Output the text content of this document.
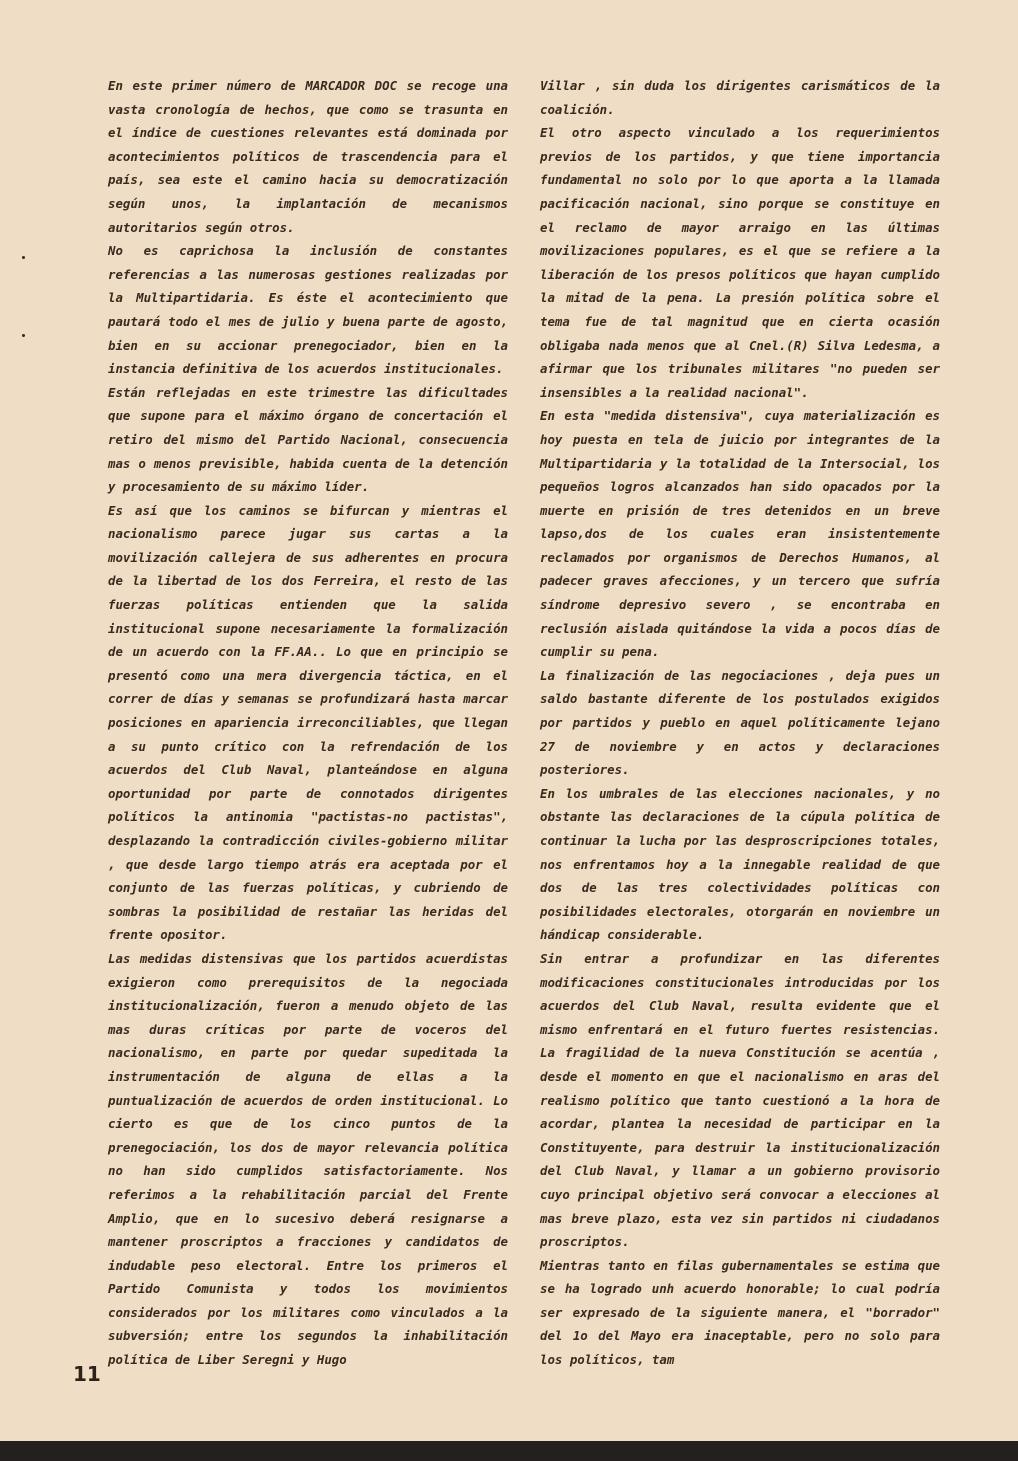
En este primer número de MARCADOR DOC se recoge una vasta cronología de hechos, que como se trasunta en el índice de cuestiones relevantes está dominada por acontecimientos políticos de trascendencia para el país, sea este el camino hacia su democratización según unos, la implantación de mecanismos autoritarios según otros.

No es caprichosa la inclusión de constantes referencias a las numerosas gestiones realizadas por la Multipartidaria. Es éste el acontecimiento que pautará todo el mes de julio y buena parte de agosto, bien en su accionar prenegociador, bien en la instancia definitiva de los acuerdos institucionales.

Están reflejadas en este trimestre las dificultades que supone para el máximo órgano de concertación el retiro del mismo del Partido Nacional, consecuencia mas o menos previsible, habida cuenta de la detención y procesamiento de su máximo líder.

Es así que los caminos se bifurcan y mientras el nacionalismo parece jugar sus cartas a la movilización callejera de sus adherentes en procura de la libertad de los dos Ferreira, el resto de las fuerzas políticas entienden que la salida institucional supone necesariamente la formalización de un acuerdo con la FF.AA.. Lo que en principio se presentó como una mera divergencia táctica, en el correr de días y semanas se profundizará hasta marcar posiciones en apariencia irreconciliables, que llegan a su punto crítico con la refrendación de los acuerdos del Club Naval, planteándose en alguna oportunidad por parte de connotados dirigentes políticos la antinomia "pactistas-no pactistas", desplazando la contradicción civiles-gobierno militar , que desde largo tiempo atrás era aceptada por el conjunto de las fuerzas políticas, y cubriendo de sombras la posibilidad de restañar las heridas del frente opositor.

Las medidas distensivas que los partidos acuerdistas exigieron como prerequisitos de la negociada institucionalización, fueron a menudo objeto de las mas duras críticas por parte de voceros del nacionalismo, en parte por quedar supeditada la instrumentación de alguna de ellas a la puntualización de acuerdos de orden institucional. Lo cierto es que de los cinco puntos de la prenegociación, los dos de mayor relevancia política no han sido cumplidos satisfactoriamente. Nos referimos a la rehabilitación parcial del Frente Amplio, que en lo sucesivo deberá resignarse a mantener proscriptos a fracciones y candidatos de indudable peso electoral. Entre los primeros el Partido Comunista y todos los movimientos considerados por los militares como vinculados a la subversión; entre los segundos la inhabilitación política de Liber Seregni y Hugo

Villar , sin duda los dirigentes carismáticos de la coalición.

El otro aspecto vinculado a los requerimientos previos de los partidos, y que tiene importancia fundamental no solo por lo que aporta a la llamada pacificación nacional, sino porque se constituye en el reclamo de mayor arraigo en las últimas movilizaciones populares, es el que se refiere a la liberación de los presos políticos que hayan cumplido la mitad de la pena. La presión política sobre el tema fue de tal magnitud que en cierta ocasión obligaba nada menos que al Cnel.(R) Silva Ledesma, a afirmar que los tribunales militares "no pueden ser insensibles a la realidad nacional".

En esta "medida distensiva", cuya materialización es hoy puesta en tela de juicio por integrantes de la Multipartidaria y la totalidad de la Intersocial, los pequeños logros alcanzados han sido opacados por la muerte en prisión de tres detenidos en un breve lapso,dos de los cuales eran insistentemente reclamados por organismos de Derechos Humanos, al padecer graves afecciones, y un tercero que sufría síndrome depresivo severo , se encontraba en reclusión aislada quitándose la vida a pocos días de cumplir su pena.

La finalización de las negociaciones , deja pues un saldo bastante diferente de los postulados exigidos por partidos y pueblo en aquel políticamente lejano 27 de noviembre y en actos y declaraciones posteriores.

En los umbrales de las elecciones nacionales, y no obstante las declaraciones de la cúpula política de continuar la lucha por las desproscripciones totales, nos enfrentamos hoy a la innegable realidad de que dos de las tres colectividades políticas con posibilidades electorales, otorgarán en noviembre un hándicap considerable.

Sin entrar a profundizar en las diferentes modificaciones constitucionales introducidas por los acuerdos del Club Naval, resulta evidente que el mismo enfrentará en el futuro fuertes resistencias. La fragilidad de la nueva Constitución se acentúa , desde el momento en que el nacionalismo en aras del realismo político que tanto cuestionó a la hora de acordar, plantea la necesidad de participar en la Constituyente, para destruir la institucionalización del Club Naval, y llamar a un gobierno provisorio cuyo principal objetivo será convocar a elecciones al mas breve plazo, esta vez sin partidos ni ciudadanos proscriptos.

Mientras tanto en filas gubernamentales se estima que se ha logrado unh acuerdo honorable; lo cual podría ser expresado de la siguiente manera, el "borrador" del 1o del Mayo era inaceptable, pero no solo para los políticos, tam

11
